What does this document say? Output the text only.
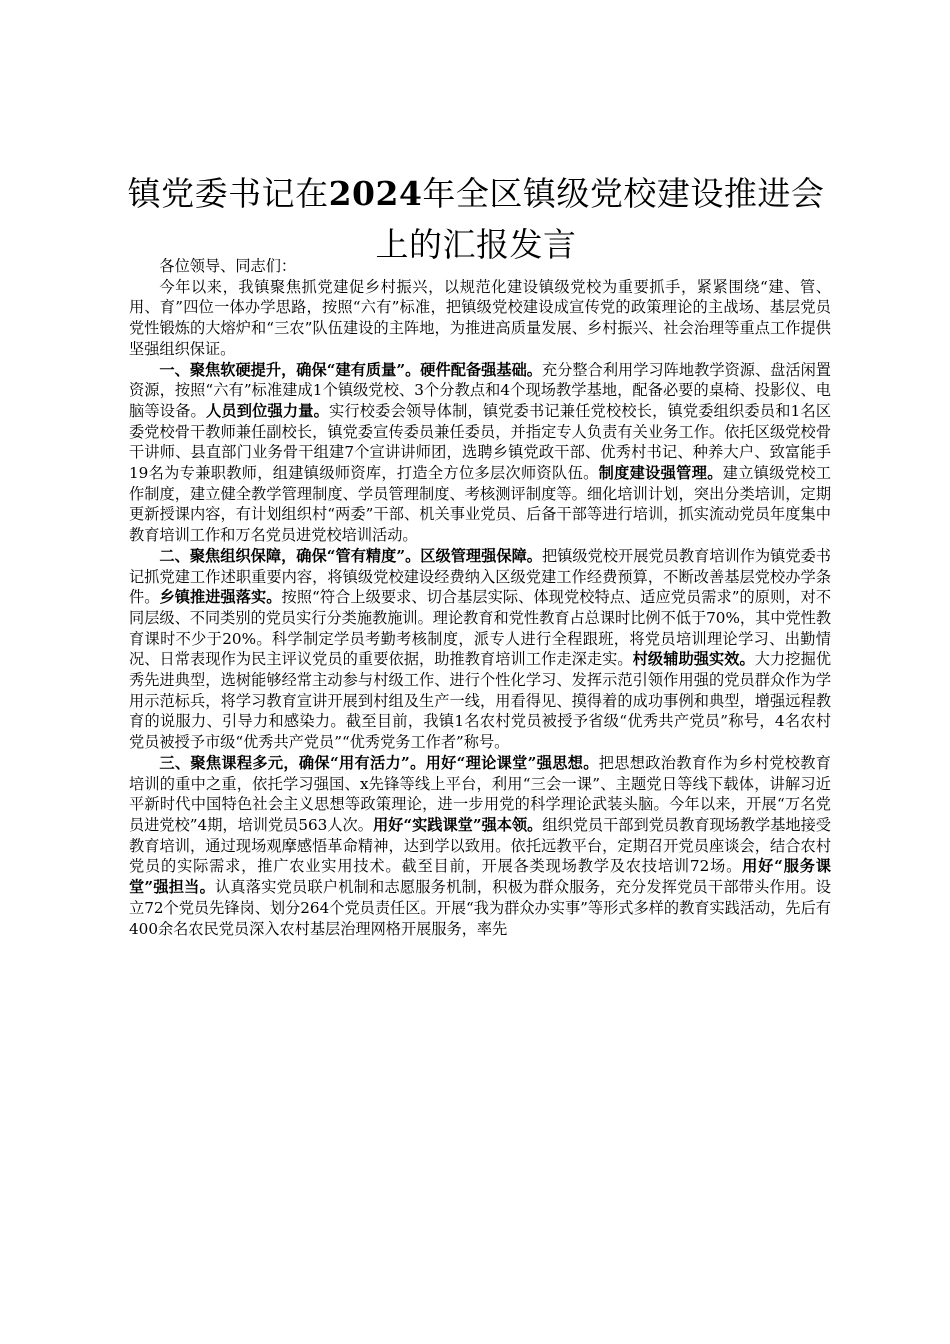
镇党委书记在2024年全区镇级党校建设推进会上的汇报发言

各位领导、同志们：

今年以来，我镇聚焦抓党建促乡村振兴，以规范化建设镇级党校为重要抓手，紧紧围绕“建、管、用、育”四位一体办学思路，按照“六有”标准，把镇级党校建设成宣传党的政策理论的主战场、基层党员党性锻炼的大熔炉和“三农”队伍建设的主阵地，为推进高质量发展、乡村振兴、社会治理等重点工作提供坚强组织保证。

一、聚焦软硬提升，确保“建有质量”。硬件配备强基础。充分整合利用学习阵地教学资源、盘活闲置资源，按照“六有”标准建成1个镇级党校、3个分教点和4个现场教学基地，配备必要的桌椅、投影仪、电脑等设备。人员到位强力量。实行校委会领导体制，镇党委书记兼任党校校长，镇党委组织委员和1名区委党校骨干教师兼任副校长，镇党委宣传委员兼任委员，并指定专人负责有关业务工作。依托区级党校骨干讲师、县直部门业务骨干组建7个宣讲讲师团，选聘乡镇党政干部、优秀村书记、种养大户、致富能手19名为专兼职教师，组建镇级师资库，打造全方位多层次师资队伍。制度建设强管理。建立镇级党校工作制度，建立健全教学管理制度、学员管理制度、考核测评制度等。细化培训计划，突出分类培训，定期更新授课内容，有计划组织村“两委”干部、机关事业党员、后备干部等进行培训，抓实流动党员年度集中教育培训工作和万名党员进党校培训活动。

二、聚焦组织保障，确保“管有精度”。区级管理强保障。把镇级党校开展党员教育培训作为镇党委书记抓党建工作述职重要内容，将镇级党校建设经费纳入区级党建工作经费预算，不断改善基层党校办学条件。乡镇推进强落实。按照“符合上级要求、切合基层实际、体现党校特点、适应党员需求”的原则，对不同层级、不同类别的党员实行分类施教施训。理论教育和党性教育占总课时比例不低于70%，其中党性教育课时不少于20%。科学制定学员考勤考核制度，派专人进行全程跟班，将党员培训理论学习、出勤情况、日常表现作为民主评议党员的重要依据，助推教育培训工作走深走实。村级辅助强实效。大力挖掘优秀先进典型，选树能够经常主动参与村级工作、进行个性化学习、发挥示范引领作用强的党员群众作为学用示范标兵，将学习教育宣讲开展到村组及生产一线，用看得见、摸得着的成功事例和典型，增强远程教育的说服力、引导力和感染力。截至目前，我镇1名农村党员被授予省级“优秀共产党员”称号，4名农村党员被授予市级“优秀共产党员”“优秀党务工作者”称号。

三、聚焦课程多元，确保“用有活力”。用好“理论课堂”强思想。把思想政治教育作为乡村党校教育培训的重中之重，依托学习强国、x先锋等线上平台，利用“三会一课”、主题党日等线下载体，讲解习近平新时代中国特色社会主义思想等政策理论，进一步用党的科学理论武装头脑。今年以来，开展“万名党员进党校”4期，培训党员563人次。用好“实践课堂”强本领。组织党员干部到党员教育现场教学基地接受教育培训，通过现场观摩感悟革命精神，达到学以致用。依托远教平台，定期召开党员座谈会，结合农村党员的实际需求，推广农业实用技术。截至目前，开展各类现场教学及农技培训72场。用好“服务课堂”强担当。认真落实党员联户机制和志愿服务机制，积极为群众服务，充分发挥党员干部带头作用。设立72个党员先锋岗、划分264个党员责任区。开展“我为群众办实事”等形式多样的教育实践活动，先后有400余名农民党员深入农村基层治理网格开展服务，率先
